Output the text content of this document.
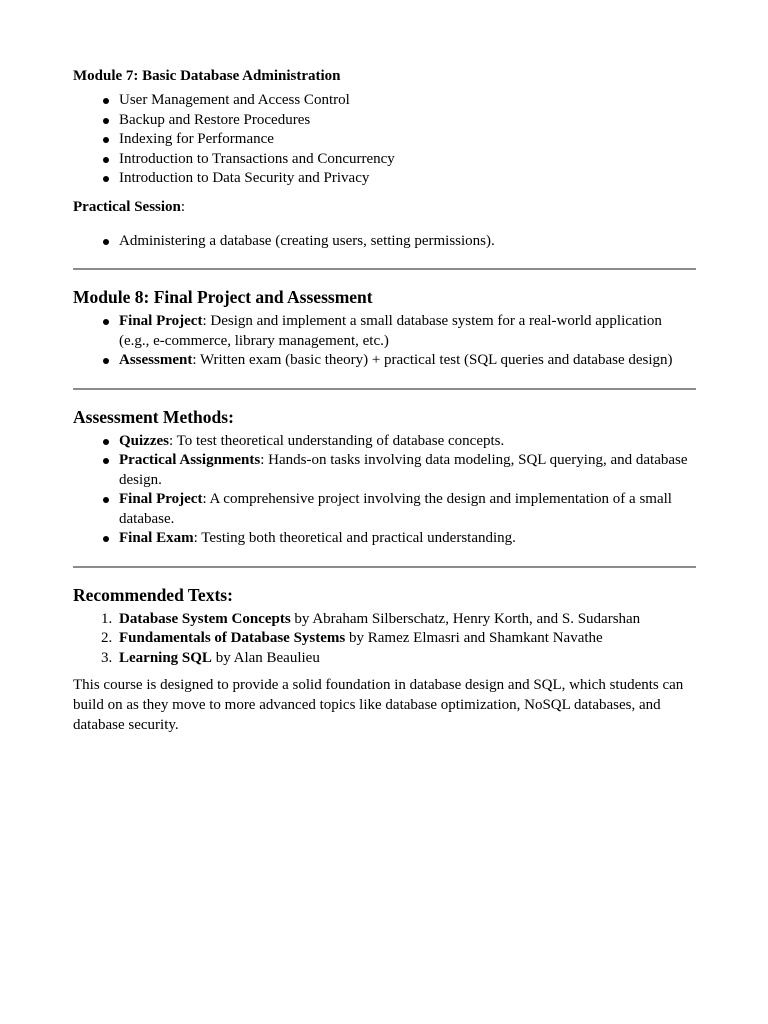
Module 7: Basic Database Administration

User Management and Access Control
Backup and Restore Procedures
Indexing for Performance
Introduction to Transactions and Concurrency
Introduction to Data Security and Privacy

Practical Session:

Administering a database (creating users, setting permissions).

Module 8: Final Project and Assessment

Final Project: Design and implement a small database system for a real-world application (e.g., e-commerce, library management, etc.)
Assessment: Written exam (basic theory) + practical test (SQL queries and database design)

Assessment Methods:

Quizzes: To test theoretical understanding of database concepts.
Practical Assignments: Hands-on tasks involving data modeling, SQL querying, and database design.
Final Project: A comprehensive project involving the design and implementation of a small database.
Final Exam: Testing both theoretical and practical understanding.

Recommended Texts:

1. Database System Concepts by Abraham Silberschatz, Henry Korth, and S. Sudarshan
2. Fundamentals of Database Systems by Ramez Elmasri and Shamkant Navathe
3. Learning SQL by Alan Beaulieu

This course is designed to provide a solid foundation in database design and SQL, which students can build on as they move to more advanced topics like database optimization, NoSQL databases, and database security.
